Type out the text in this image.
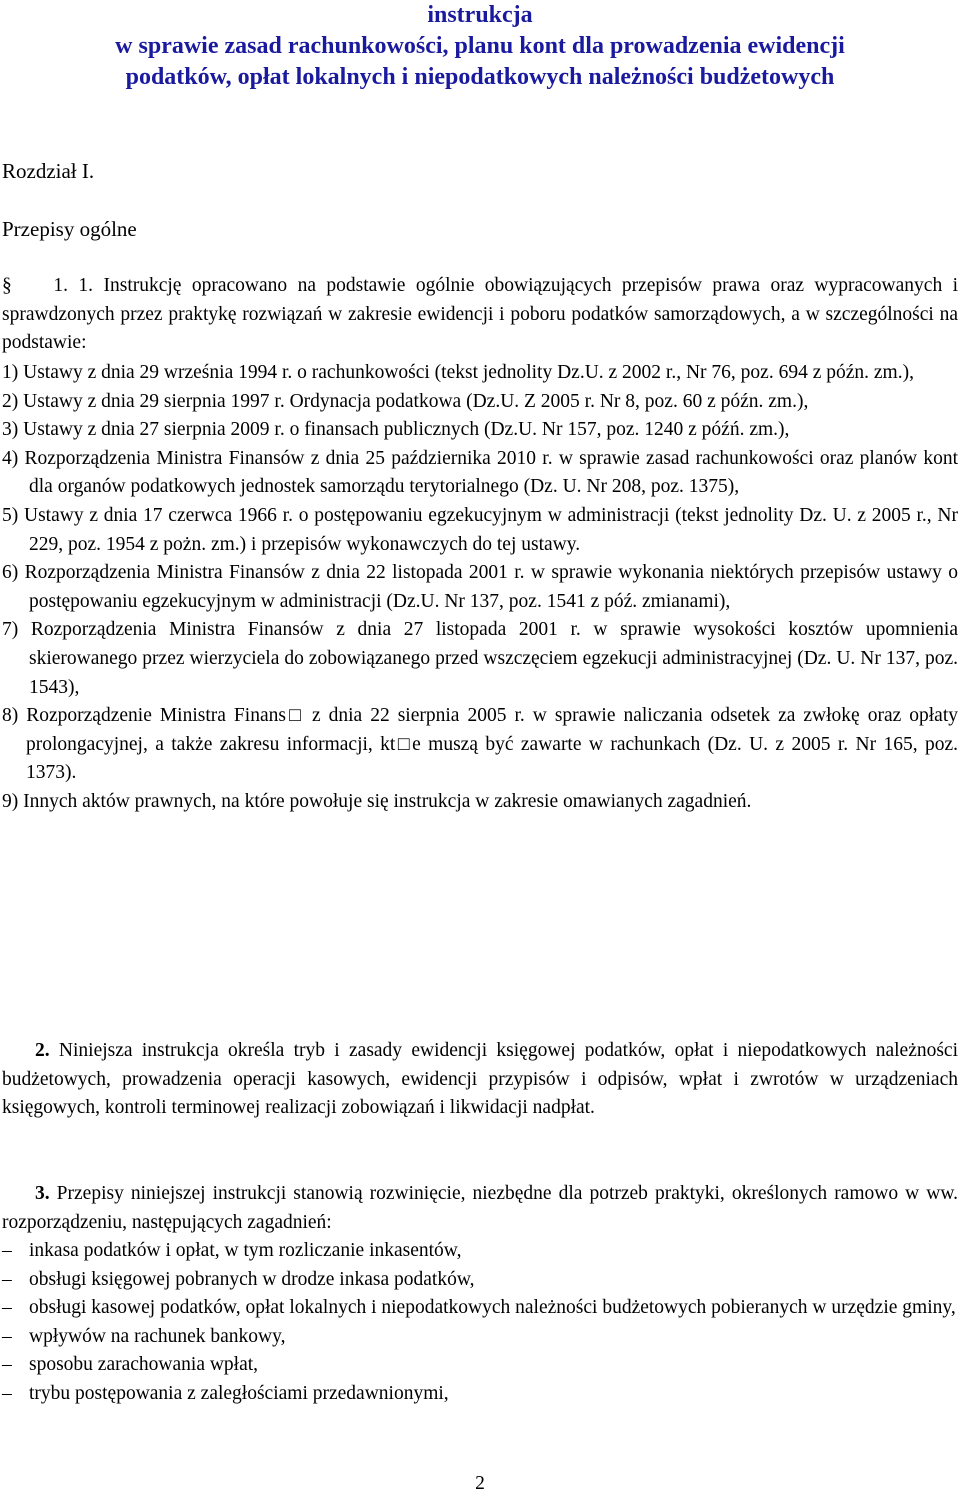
instrukcja
w sprawie zasad rachunkowości, planu kont dla prowadzenia ewidencji
podatków, opłat lokalnych i niepodatkowych należności budżetowych
Rozdział I.
Przepisy ogólne
§ 1. 1. Instrukcję opracowano na podstawie ogólnie obowiązujących przepisów prawa oraz wypracowanych i sprawdzonych przez praktykę rozwiązań w zakresie ewidencji i poboru podatków samorządowych, a w szczególności na podstawie:
1) Ustawy z dnia 29 września 1994 r. o rachunkowości (tekst jednolity Dz.U. z 2002 r., Nr 76, poz. 694 z późn. zm.),
2) Ustawy z dnia 29 sierpnia 1997 r. Ordynacja podatkowa (Dz.U. Z 2005 r. Nr 8, poz. 60 z późn. zm.),
3) Ustawy z dnia 27 sierpnia 2009 r. o finansach publicznych (Dz.U. Nr 157, poz. 1240 z późń. zm.),
4) Rozporządzenia Ministra Finansów z dnia 25 października 2010 r. w sprawie zasad rachunkowości oraz planów kont dla organów podatkowych jednostek samorządu terytorialnego (Dz. U. Nr 208, poz. 1375),
5) Ustawy z dnia 17 czerwca 1966 r. o postępowaniu egzekucyjnym w administracji (tekst jednolity Dz. U. z 2005 r., Nr 229, poz. 1954 z pożn. zm.) i przepisów wykonawczych do tej ustawy.
6) Rozporządzenia Ministra Finansów z dnia 22 listopada 2001 r. w sprawie wykonania niektórych przepisów ustawy o postępowaniu egzekucyjnym w administracji (Dz.U. Nr 137, poz. 1541 z póź. zmianami),
7) Rozporządzenia Ministra Finansów z dnia 27 listopada 2001 r. w sprawie wysokości kosztów upomnienia skierowanego przez wierzyciela do zobowiązanego przed wszczęciem egzekucji administracyjnej (Dz. U. Nr 137, poz. 1543),
8) Rozporządzenie Ministra Finans□ z dnia 22 sierpnia 2005 r. w sprawie naliczania odsetek za zwłokę oraz opłaty prolongacyjnej, a także zakresu informacji, kt□e muszą być zawarte w rachunkach (Dz. U. z 2005 r. Nr 165, poz. 1373).
9) Innych aktów prawnych, na które powołuje się instrukcja w zakresie omawianych zagadnień.
2. Niniejsza instrukcja określa tryb i zasady ewidencji księgowej podatków, opłat i niepodatkowych należności budżetowych, prowadzenia operacji kasowych, ewidencji przypisów i odpisów, wpłat i zwrotów w urządzeniach księgowych, kontroli terminowej realizacji zobowiązań i likwidacji nadpłat.
3. Przepisy niniejszej instrukcji stanowią rozwinięcie, niezbędne dla potrzeb praktyki, określonych ramowo w ww. rozporządzeniu, następujących zagadnień:
– inkasa podatków i opłat, w tym rozliczanie inkasentów,
– obsługi księgowej pobranych w drodze inkasa podatków,
– obsługi kasowej podatków, opłat lokalnych i niepodatkowych należności budżetowych pobieranych w urzędzie gminy,
– wpływów na rachunek bankowy,
– sposobu zarachowania wpłat,
– trybu postępowania z zaległościami przedawnionymi,
2
